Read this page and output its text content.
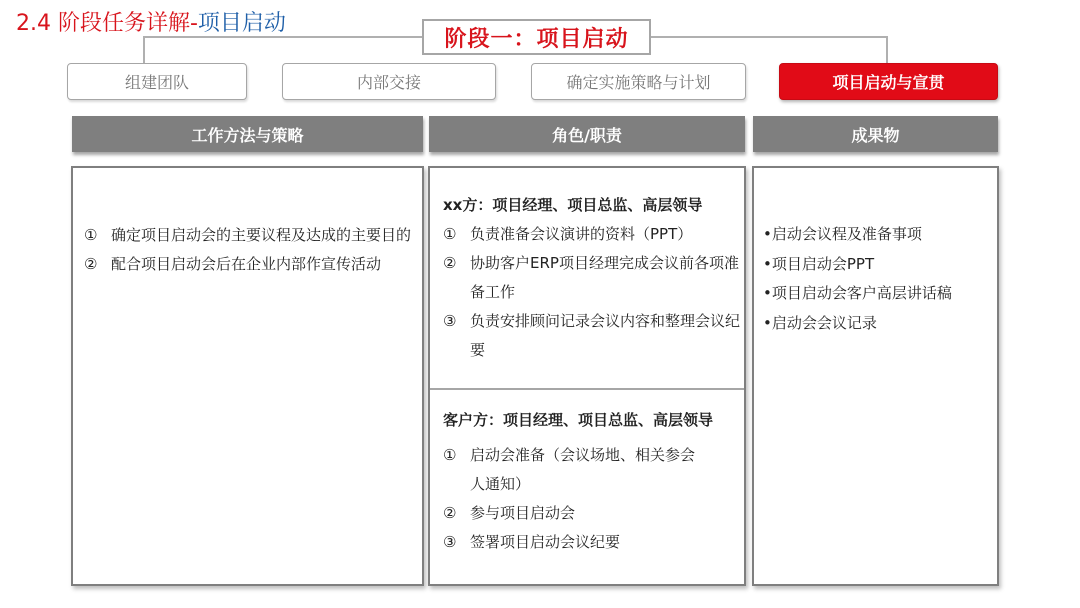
2.4 阶段任务详解-项目启动
阶段一：项目启动
组建团队	内部交接	确定实施策略与计划	项目启动与宣贯
工作方法与策略	角色/职责	成果物
① 确定项目启动会的主要议程及达成的主要目的
② 配合项目启动会后在企业内部作宣传活动
xx方：项目经理、项目总监、高层领导
① 负责准备会议演讲的资料（PPT）
② 协助客户ERP项目经理完成会议前各项准备工作
③ 负责安排顾问记录会议内容和整理会议纪要
客户方：项目经理、项目总监、高层领导
① 启动会准备（会议场地、相关参会人通知）
② 参与项目启动会
③ 签署项目启动会议纪要
•启动会议程及准备事项
•项目启动会PPT
•项目启动会客户高层讲话稿
•启动会会议记录
